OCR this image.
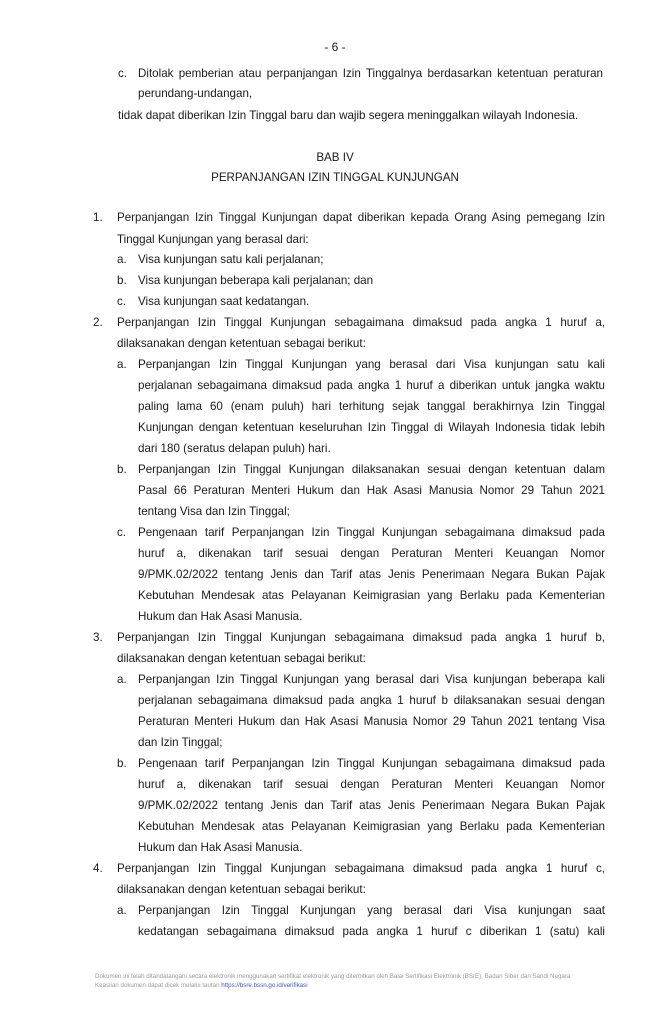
- 6 -
c. Ditolak pemberian atau perpanjangan Izin Tinggalnya berdasarkan ketentuan peraturan
perundang-undangan,
tidak dapat diberikan Izin Tinggal baru dan wajib segera meninggalkan wilayah Indonesia.
BAB IV
PERPANJANGAN IZIN TINGGAL KUNJUNGAN
1. Perpanjangan Izin Tinggal Kunjungan dapat diberikan kepada Orang Asing pemegang Izin
Tinggal Kunjungan yang berasal dari:
a. Visa kunjungan satu kali perjalanan;
b. Visa kunjungan beberapa kali perjalanan; dan
c. Visa kunjungan saat kedatangan.
2. Perpanjangan Izin Tinggal Kunjungan sebagaimana dimaksud pada angka 1 huruf a,
dilaksanakan dengan ketentuan sebagai berikut:
a. Perpanjangan Izin Tinggal Kunjungan yang berasal dari Visa kunjungan satu kali
perjalanan sebagaimana dimaksud pada angka 1 huruf a diberikan untuk jangka waktu
paling lama 60 (enam puluh) hari terhitung sejak tanggal berakhirnya Izin Tinggal
Kunjungan dengan ketentuan keseluruhan Izin Tinggal di Wilayah Indonesia tidak lebih
dari 180 (seratus delapan puluh) hari.
b. Perpanjangan Izin Tinggal Kunjungan dilaksanakan sesuai dengan ketentuan dalam
Pasal 66 Peraturan Menteri Hukum dan Hak Asasi Manusia Nomor 29 Tahun 2021
tentang Visa dan Izin Tinggal;
c. Pengenaan tarif Perpanjangan Izin Tinggal Kunjungan sebagaimana dimaksud pada
huruf a, dikenakan tarif sesuai dengan Peraturan Menteri Keuangan Nomor
9/PMK.02/2022 tentang Jenis dan Tarif atas Jenis Penerimaan Negara Bukan Pajak
Kebutuhan Mendesak atas Pelayanan Keimigrasian yang Berlaku pada Kementerian
Hukum dan Hak Asasi Manusia.
3. Perpanjangan Izin Tinggal Kunjungan sebagaimana dimaksud pada angka 1 huruf b,
dilaksanakan dengan ketentuan sebagai berikut:
a. Perpanjangan Izin Tinggal Kunjungan yang berasal dari Visa kunjungan beberapa kali
perjalanan sebagaimana dimaksud pada angka 1 huruf b dilaksanakan sesuai dengan
Peraturan Menteri Hukum dan Hak Asasi Manusia Nomor 29 Tahun 2021 tentang Visa
dan Izin Tinggal;
b. Pengenaan tarif Perpanjangan Izin Tinggal Kunjungan sebagaimana dimaksud pada
huruf a, dikenakan tarif sesuai dengan Peraturan Menteri Keuangan Nomor
9/PMK.02/2022 tentang Jenis dan Tarif atas Jenis Penerimaan Negara Bukan Pajak
Kebutuhan Mendesak atas Pelayanan Keimigrasian yang Berlaku pada Kementerian
Hukum dan Hak Asasi Manusia.
4. Perpanjangan Izin Tinggal Kunjungan sebagaimana dimaksud pada angka 1 huruf c,
dilaksanakan dengan ketentuan sebagai berikut:
a. Perpanjangan Izin Tinggal Kunjungan yang berasal dari Visa kunjungan saat
kedatangan sebagaimana dimaksud pada angka 1 huruf c diberikan 1 (satu) kali
Dokumen ini telah ditandatangani secara elektronik menggunakan sertifikat elektronik yang diterbitkan oleh Balai Sertifikasi Elektronik (BSrE), Badan Siber dan Sandi Negara
Keaslian dokumen dapat dicek melalui tautan https://bsre.bssn.go.id/verifikasi
